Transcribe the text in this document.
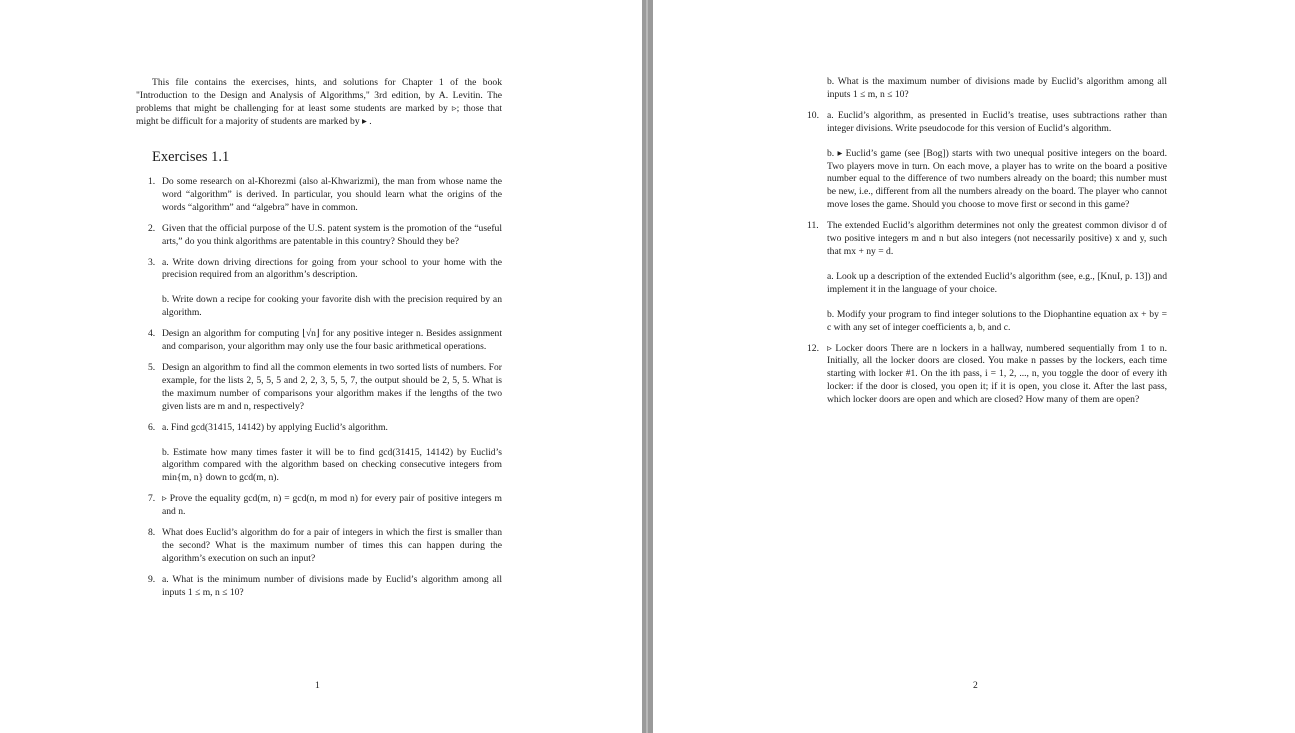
This file contains the exercises, hints, and solutions for Chapter 1 of the book "Introduction to the Design and Analysis of Algorithms," 3rd edition, by A. Levitin. The problems that might be challenging for at least some students are marked by ▹; those that might be difficult for a majority of students are marked by ▸ .

Exercises 1.1
1. Do some research on al-Khorezmi (also al-Khwarizmi), the man from whose name the word “algorithm” is derived. In particular, you should learn what the origins of the words “algorithm” and “algebra” have in common.

2. Given that the official purpose of the U.S. patent system is the promotion of the “useful arts,” do you think algorithms are patentable in this country? Should they be?

3. a. Write down driving directions for going from your school to your home with the precision required from an algorithm’s description.

b. Write down a recipe for cooking your favorite dish with the precision required by an algorithm.

4. Design an algorithm for computing ⌊√n⌋ for any positive integer n. Besides assignment and comparison, your algorithm may only use the four basic arithmetical operations.

5. Design an algorithm to find all the common elements in two sorted lists of numbers. For example, for the lists 2, 5, 5, 5 and 2, 2, 3, 5, 5, 7, the output should be 2, 5, 5. What is the maximum number of comparisons your algorithm makes if the lengths of the two given lists are m and n, respectively?

6. a. Find gcd(31415, 14142) by applying Euclid’s algorithm.

b. Estimate how many times faster it will be to find gcd(31415, 14142) by Euclid’s algorithm compared with the algorithm based on checking consecutive integers from min{m, n} down to gcd(m, n).

7. ▹ Prove the equality gcd(m, n) = gcd(n, m mod n) for every pair of positive integers m and n.

8. What does Euclid’s algorithm do for a pair of integers in which the first is smaller than the second? What is the maximum number of times this can happen during the algorithm’s execution on such an input?

9. a. What is the minimum number of divisions made by Euclid’s algorithm among all inputs 1 ≤ m, n ≤ 10?

1

b. What is the maximum number of divisions made by Euclid’s algorithm among all inputs 1 ≤ m, n ≤ 10?

10. a. Euclid’s algorithm, as presented in Euclid’s treatise, uses subtractions rather than integer divisions. Write pseudocode for this version of Euclid’s algorithm.

b. ▸ Euclid’s game (see [Bog]) starts with two unequal positive integers on the board. Two players move in turn. On each move, a player has to write on the board a positive number equal to the difference of two numbers already on the board; this number must be new, i.e., different from all the numbers already on the board. The player who cannot move loses the game. Should you choose to move first or second in this game?

11. The extended Euclid’s algorithm determines not only the greatest common divisor d of two positive integers m and n but also integers (not necessarily positive) x and y, such that mx + ny = d.

a. Look up a description of the extended Euclid’s algorithm (see, e.g., [KnuI, p. 13]) and implement it in the language of your choice.

b. Modify your program to find integer solutions to the Diophantine equation ax + by = c with any set of integer coefficients a, b, and c.

12. ▹ Locker doors There are n lockers in a hallway, numbered sequentially from 1 to n. Initially, all the locker doors are closed. You make n passes by the lockers, each time starting with locker #1. On the ith pass, i = 1, 2, ..., n, you toggle the door of every ith locker: if the door is closed, you open it; if it is open, you close it. After the last pass, which locker doors are open and which are closed? How many of them are open?

2
